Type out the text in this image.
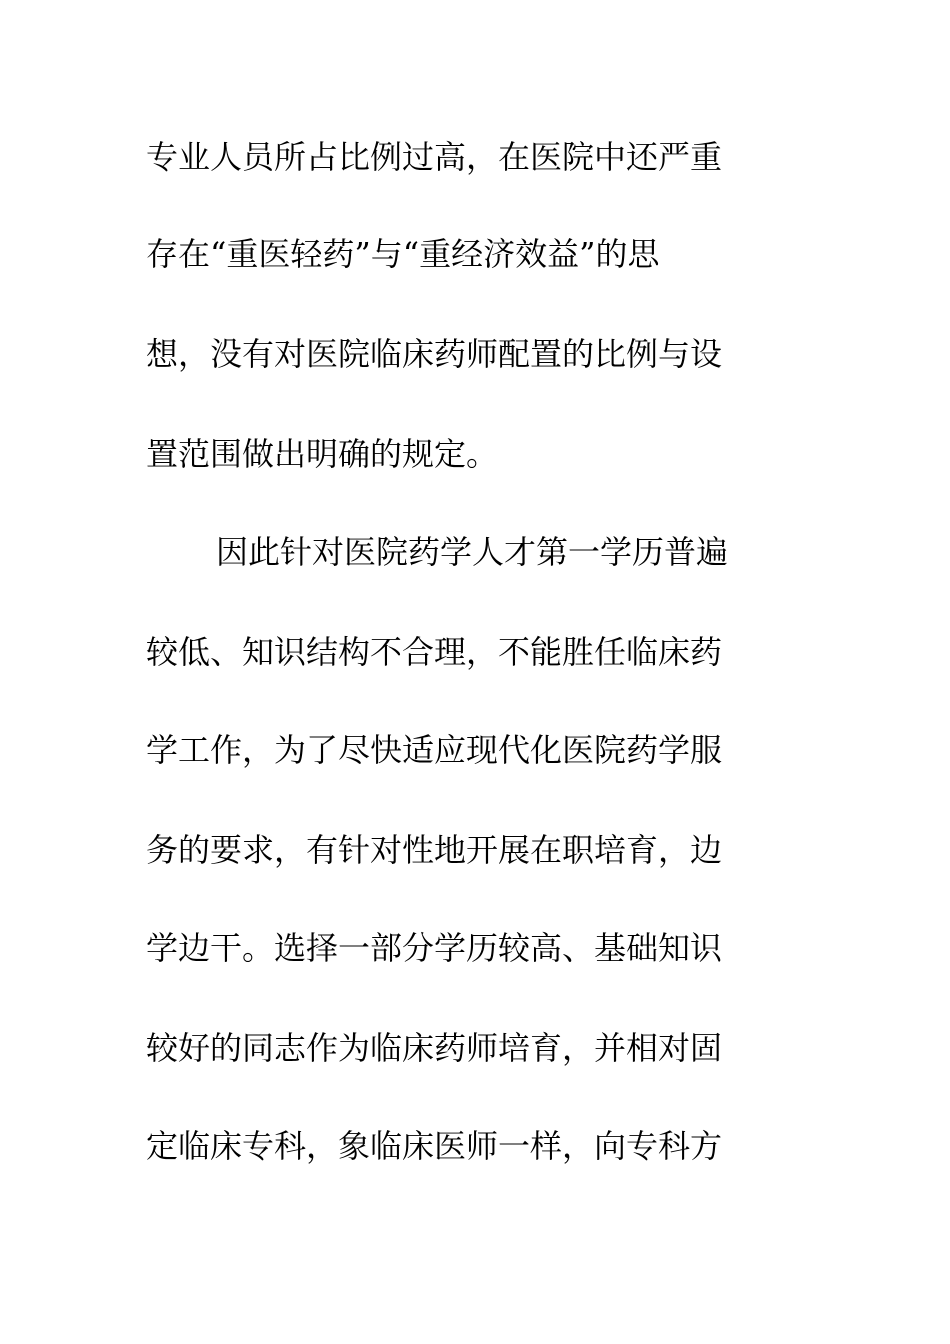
专业人员所占比例过高，在医院中还严重
存在“重医轻药”与“重经济效益”的思
想，没有对医院临床药师配置的比例与设
置范围做出明确的规定。
因此针对医院药学人才第一学历普遍
较低、知识结构不合理，不能胜任临床药
学工作，为了尽快适应现代化医院药学服
务的要求，有针对性地开展在职培育，边
学边干。选择一部分学历较高、基础知识
较好的同志作为临床药师培育，并相对固
定临床专科，象临床医师一样，向专科方
